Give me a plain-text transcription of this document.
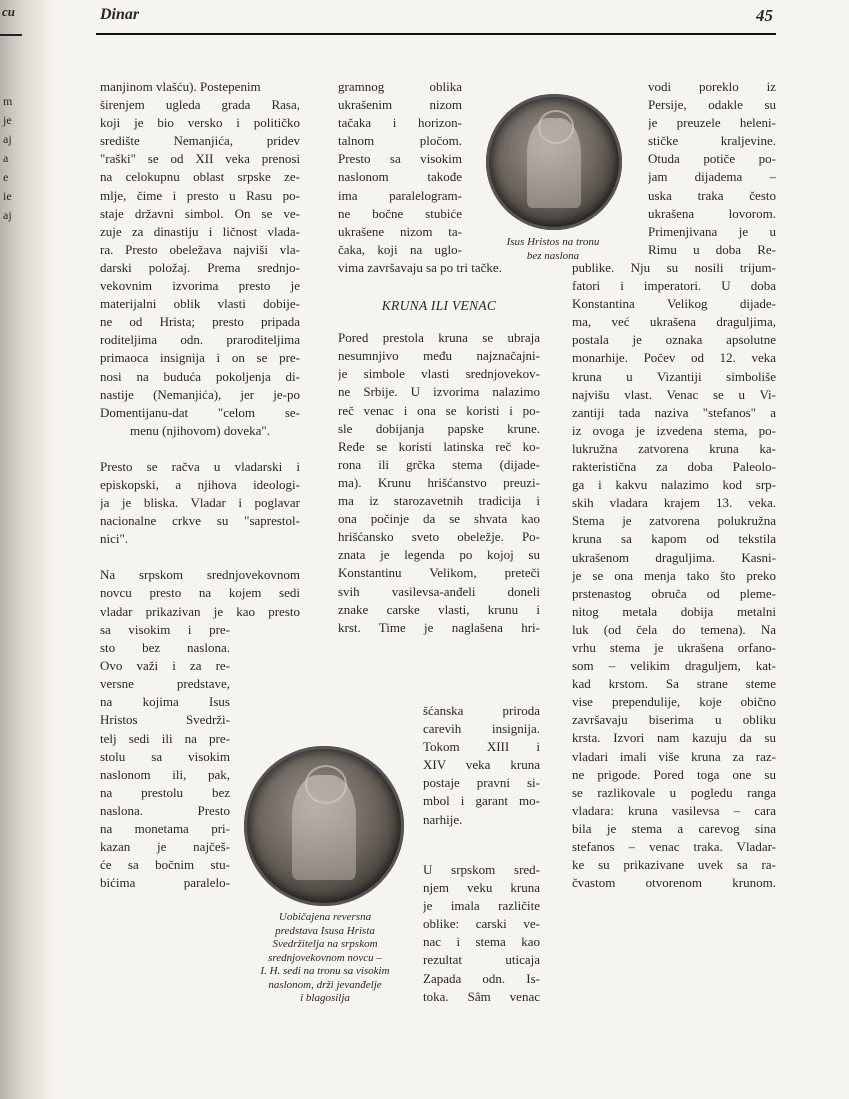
cu
m
je
aj
a
e
ie
aj
Dinar	45
manjinom vlašću). Postepenim
širenjem ugleda grada Rasa,
koji je bio versko i političko
središte Nemanjića, pridev
"raški" se od XII veka prenosi
na celokupnu oblast srpske ze-
mlje, čime i presto u Rasu po-
staje državni simbol. On se ve-
zuje za dinastiju i ličnost vlada-
ra. Presto obeležava najviši vla-
darski položaj. Prema srednjo-
vekovnim izvorima presto je
materijalni oblik vlasti dobije-
ne od Hrista; presto pripada
roditeljima odn. praroditeljima
primaoca insignija i on se pre-
nosi na buduća pokoljenja di-
nastije (Nemanjića), jer je-po
Domentijanu-dat "celom se-
menu (njihovom) doveka".
Presto se račva u vladarski i
episkopski, a njihova ideologi-
ja je bliska. Vladar i poglavar
nacionalne crkve su "saprestol-
nici".
Na srpskom srednjovekovnom
novcu presto na kojem sedi
vladar prikazivan je kao presto
sa visokim i pre-
sto bez naslona.
Ovo važi i za re-
versne predstave,
na kojima Isus
Hristos Svedrži-
telj sedi ili na pre-
stolu sa visokim
naslonom ili, pak,
na prestolu bez
naslona. Presto
na monetama pri-
kazan je najčeš-
će sa bočnim stu-
bićima paralelo-
gramnog oblika
ukrašenim nizom
tačaka i horizon-
talnom pločom.
Presto sa visokim
naslonom takođe
ima paralelogram-
ne bočne stubiće
ukrašene nizom ta-
čaka, koji na uglo-
vima završavaju sa po tri tačke.
KRUNA ILI VENAC
Pored prestola kruna se ubraja
nesumnjivo među najznačajni-
je simbole vlasti srednjovekov-
ne Srbije. U izvorima nalazimo
reč venac i ona se koristi i po-
sle dobijanja papske krune.
Ređe se koristi latinska reč ko-
rona ili grčka stema (dijade-
ma). Krunu hrišćanstvo preuzi-
ma iz starozavetnih tradicija i
ona počinje da se shvata kao
hrišćansko sveto obeležje. Po-
znata je legenda po kojoj su
Konstantinu Velikom, preteči
svih vasilevsa-anđeli doneli
znake carske vlasti, krunu i
krst. Time je naglašena hri-
šćanska priroda
carevih insignija.
Tokom XIII i
XIV veka kruna
postaje pravni si-
mbol i garant mo-
narhije.
U srpskom sred-
njem veku kruna
je imala različite
oblike: carski ve-
nac i stema kao
rezultat uticaja
Zapada odn. Is-
toka. Sâm venac
vodi poreklo iz
Persije, odakle su
je preuzele heleni-
stičke kraljevine.
Otuda potiče po-
jam dijadema –
uska traka često
ukrašena lovorom.
Primenjivana je u
Rimu u doba Re-
publike. Nju su nosili trijum-
fatori i imperatori. U doba
Konstantina Velikog dijade-
ma, već ukrašena draguljima,
postala je oznaka apsolutne
monarhije. Počev od 12. veka
kruna u Vizantiji simboliše
najvišu vlast. Venac se u Vi-
zantiji tada naziva "stefanos" a
iz ovoga je izvedena stema, po-
lukružna zatvorena kruna ka-
rakteristična za doba Paleolo-
ga i kakvu nalazimo kod srp-
skih vladara krajem 13. veka.
Stema je zatvorena polukružna
kruna sa kapom od tekstila
ukrašenom draguljima. Kasni-
je se ona menja tako što preko
prstenastog obruča od pleme-
nitog metala dobija metalni
luk (od čela do temena). Na
vrhu stema je ukrašena orfano-
som – velikim draguljem, kat-
kad krstom. Sa strane steme
vise prependulije, koje obično
završavaju biserima u obliku
krsta. Izvori nam kazuju da su
vladari imali više kruna za raz-
ne prigode. Pored toga one su
se razlikovale u pogledu ranga
vladara: kruna vasilevsa – cara
bila je stema a carevog sina
stefanos – venac traka. Vladar-
ke su prikazivane uvek sa ra-
čvastom otvorenom krunom.
Isus Hristos na tronu
bez naslona
Uobičajena reversna
predstava Isusa Hrista
Svedržitelja na srpskom
srednjovekovnom novcu –
I. H. sedi na tronu sa visokim
naslonom, drži jevanđelje
i blagosilja
